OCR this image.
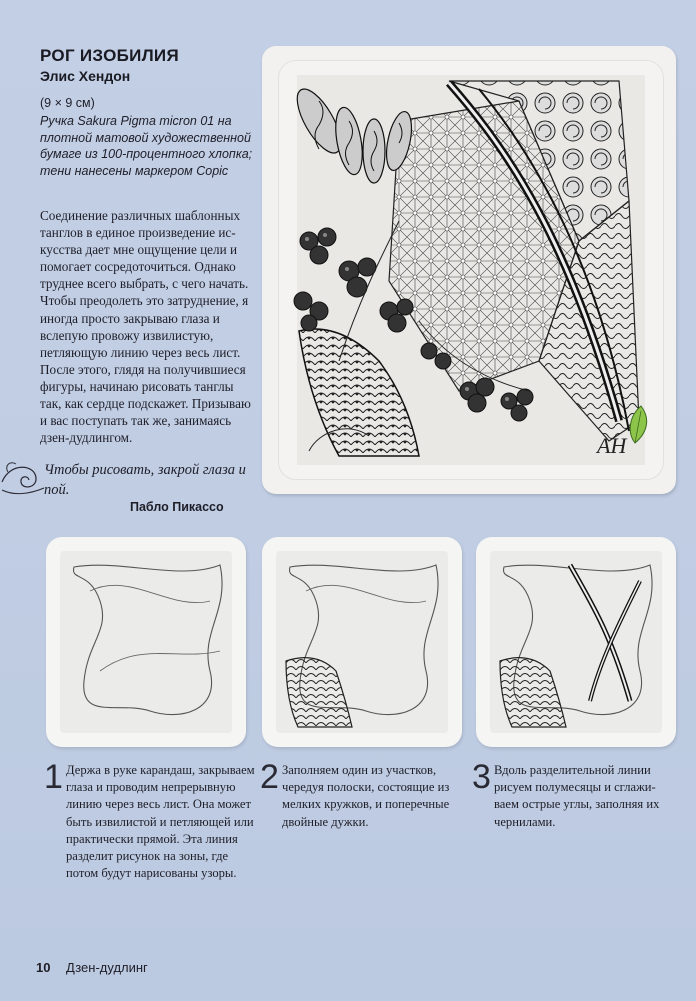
РОГ ИЗОБИЛИЯ
Элис Хендон
(9 × 9 см)
Ручка Sakura Pigma micron 01 на плотной матовой художественной бумаге из 100-процентного хлопка; тени нанесены маркером Copic
Соединение различных шаблонных танглов в единое произведение искусства дает мне ощущение цели и помогает сосредоточиться. Однако труднее всего выбрать, с чего начать. Чтобы преодолеть это затруднение, я иногда просто закрываю глаза и вслепую провожу извилистую, петляющую линию через весь лист. После этого, глядя на получившиеся фигуры, начинаю рисовать танглы так, как сердце подскажет. Призываю и вас поступать так же, занимаясь дзен-дудлингом.
Чтобы рисовать, закрой глаза и пой.
Пабло Пикассо
АН
1 Держа в руке карандаш, закрываем глаза и проводим непрерывную линию через весь лист. Она может быть извилистой и петляющей или практически прямой. Эта линия разделит рисунок на зоны, где потом будут нарисованы узоры.
2 Заполняем один из участков, чередуя полоски, состоящие из мелких кружков, и поперечные двойные дужки.
3 Вдоль разделительной линии рисуем полумесяцы и сглаживаем острые углы, заполняя их чернилами.
10 Дзен-дудлинг
